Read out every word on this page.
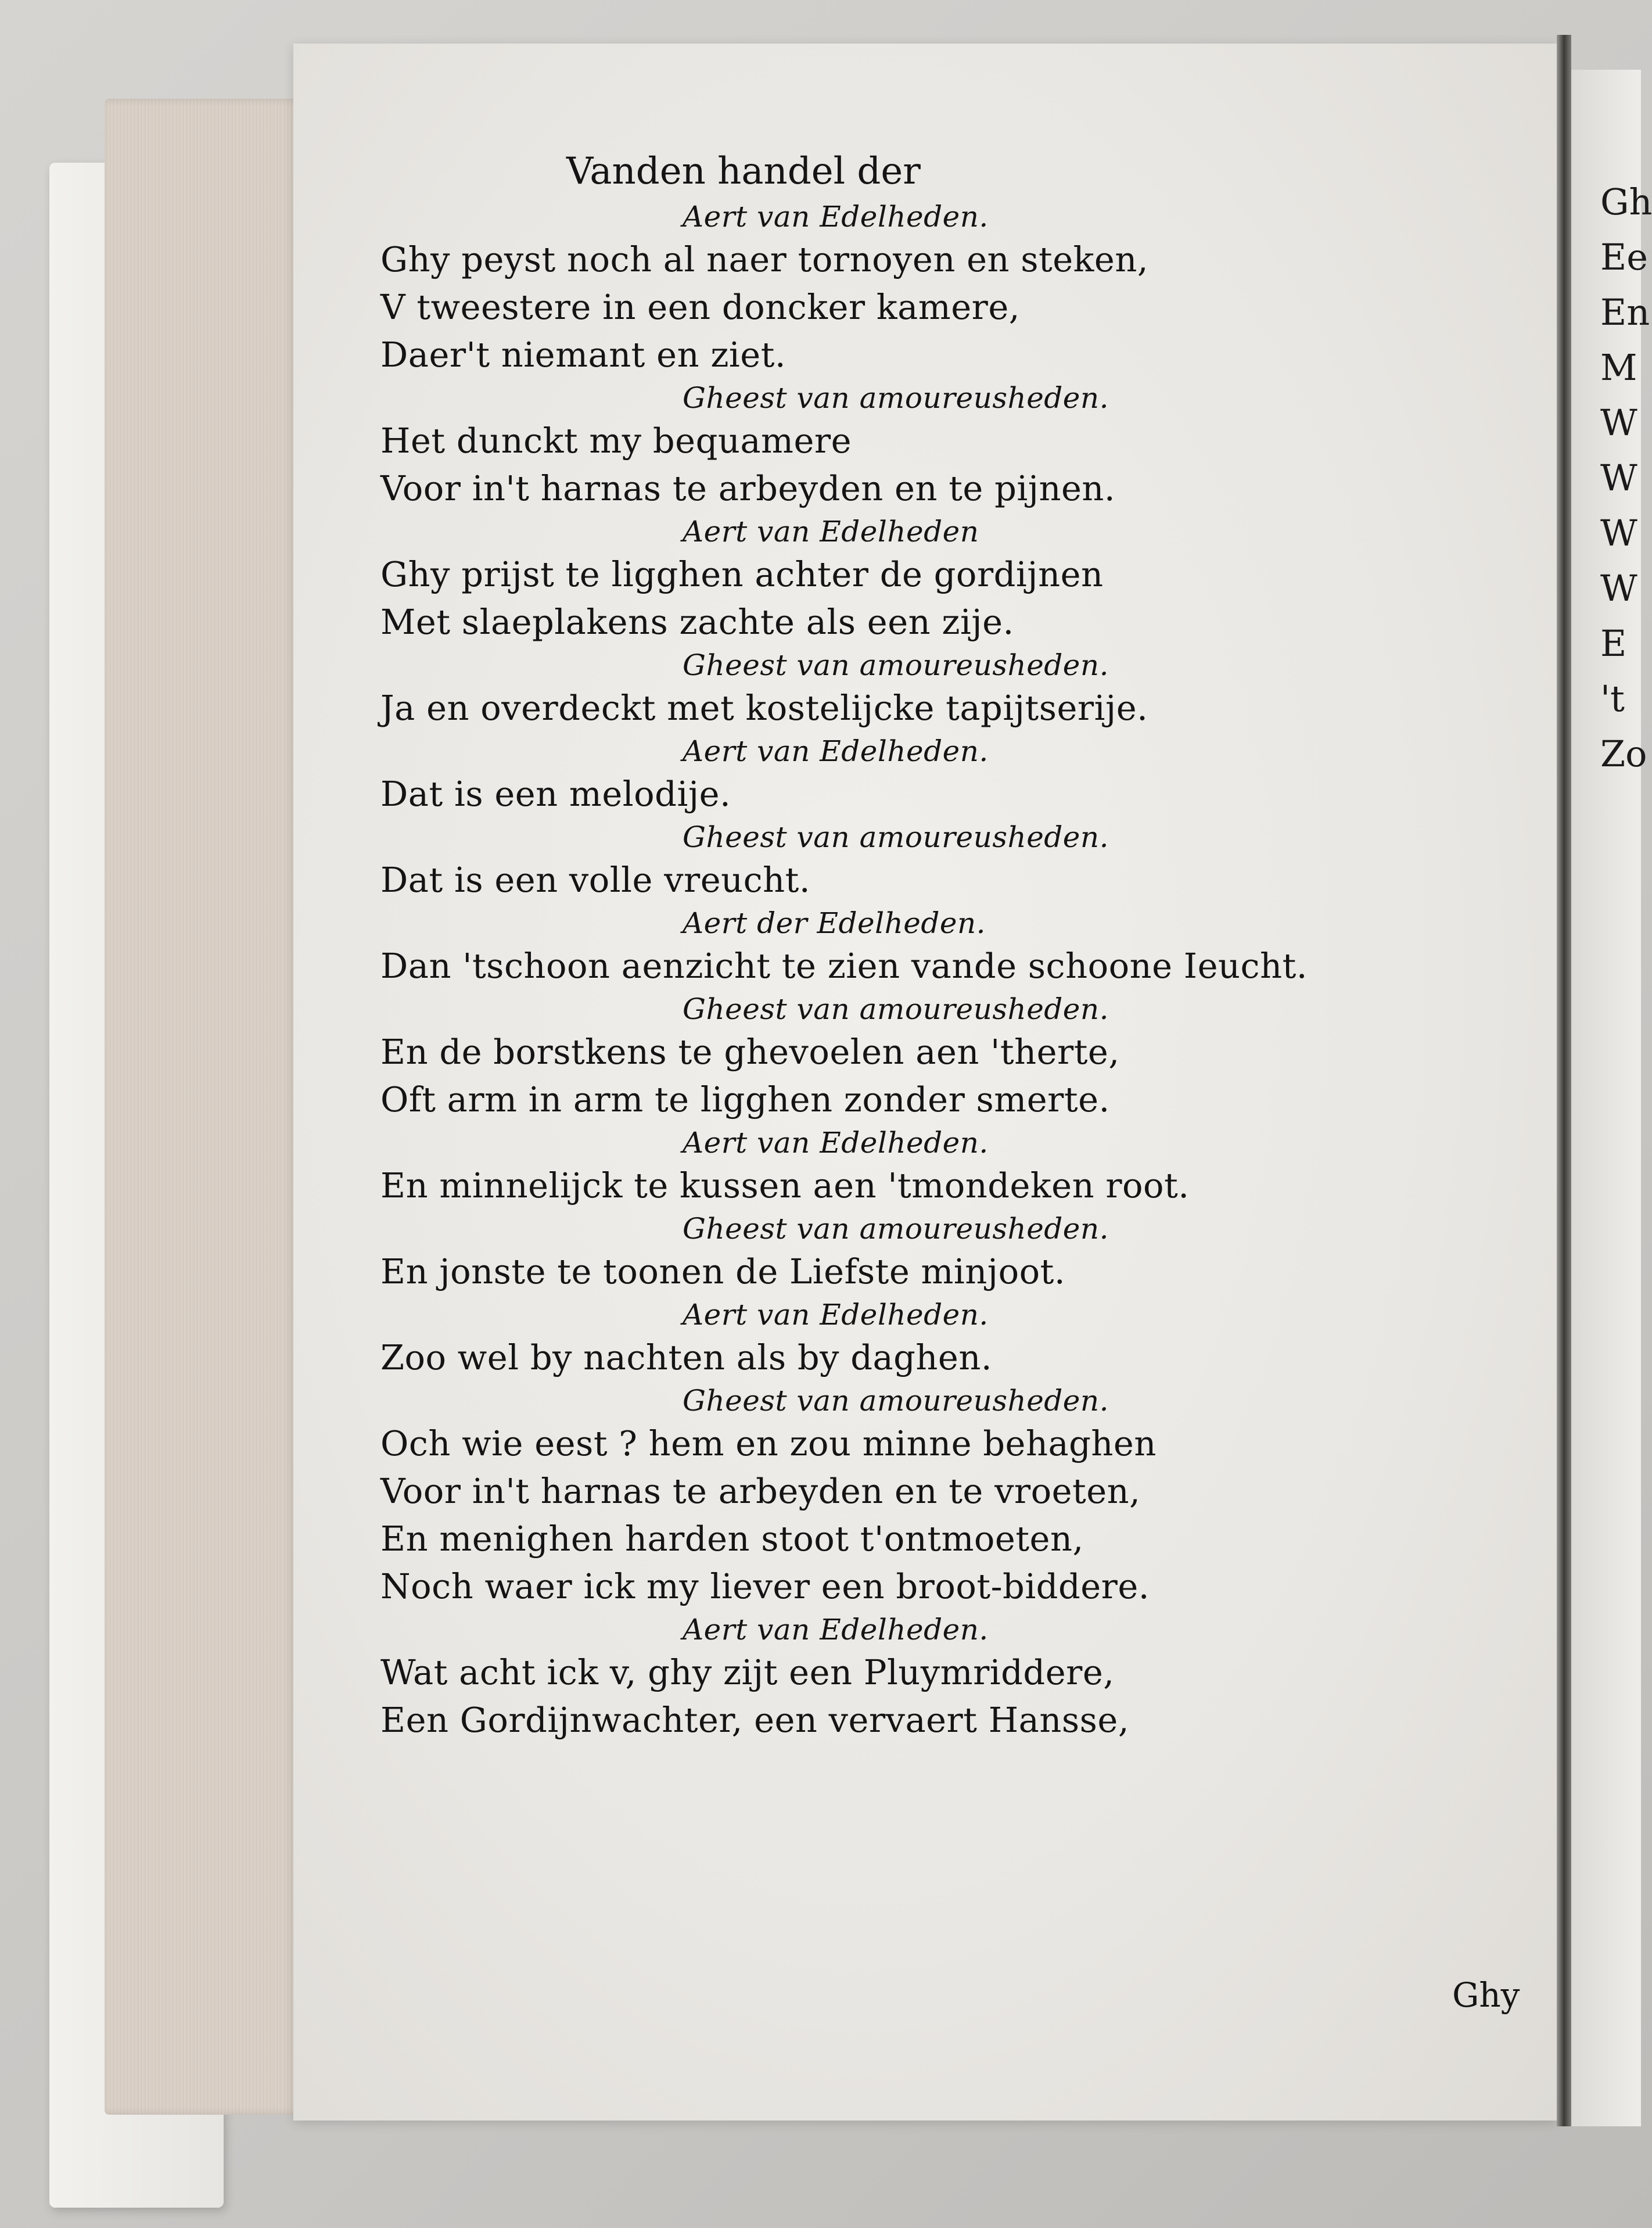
Vanden handel der
Aert van Edelheden.
Ghy peyst noch al naer tornoyen en steken,
V tweestere in een doncker kamere,
Daer't niemant en ziet.
Gheest van amoureusheden.
Het dunckt my bequamere
Voor in't harnas te arbeyden en te pijnen.
Aert van Edelheden
Ghy prijst te ligghen achter de gordijnen
Met slaeplakens zachte als een zije.
Gheest van amoureusheden.
Ja en overdeckt met kostelijcke tapijtserije.
Aert van Edelheden.
Dat is een melodije.
Gheest van amoureusheden.
Dat is een volle vreucht.
Aert der Edelheden.
Dan 'tschoon aenzicht te zien vande schoone Ieucht.
Gheest van amoureusheden.
En de borstkens te ghevoelen aen 'therte,
Oft arm in arm te ligghen zonder smerte.
Aert van Edelheden.
En minnelijck te kussen aen 'tmondeken root.
Gheest van amoureusheden.
En jonste te toonen de Liefste minjoot.
Aert van Edelheden.
Zoo wel by nachten als by daghen.
Gheest van amoureusheden.
Och wie eest ? hem en zou minne behaghen
Voor in't harnas te arbeyden en te vroeten,
En menighen harden stoot t'ontmoeten,
Noch waer ick my liever een broot-biddere.
Aert van Edelheden.
Wat acht ick v, ghy zijt een Pluymriddere,
Een Gordijnwachter, een vervaert Hansse,
Ghy
Gh
Ee
En
M
W
W
W
W
E
't
Zo
